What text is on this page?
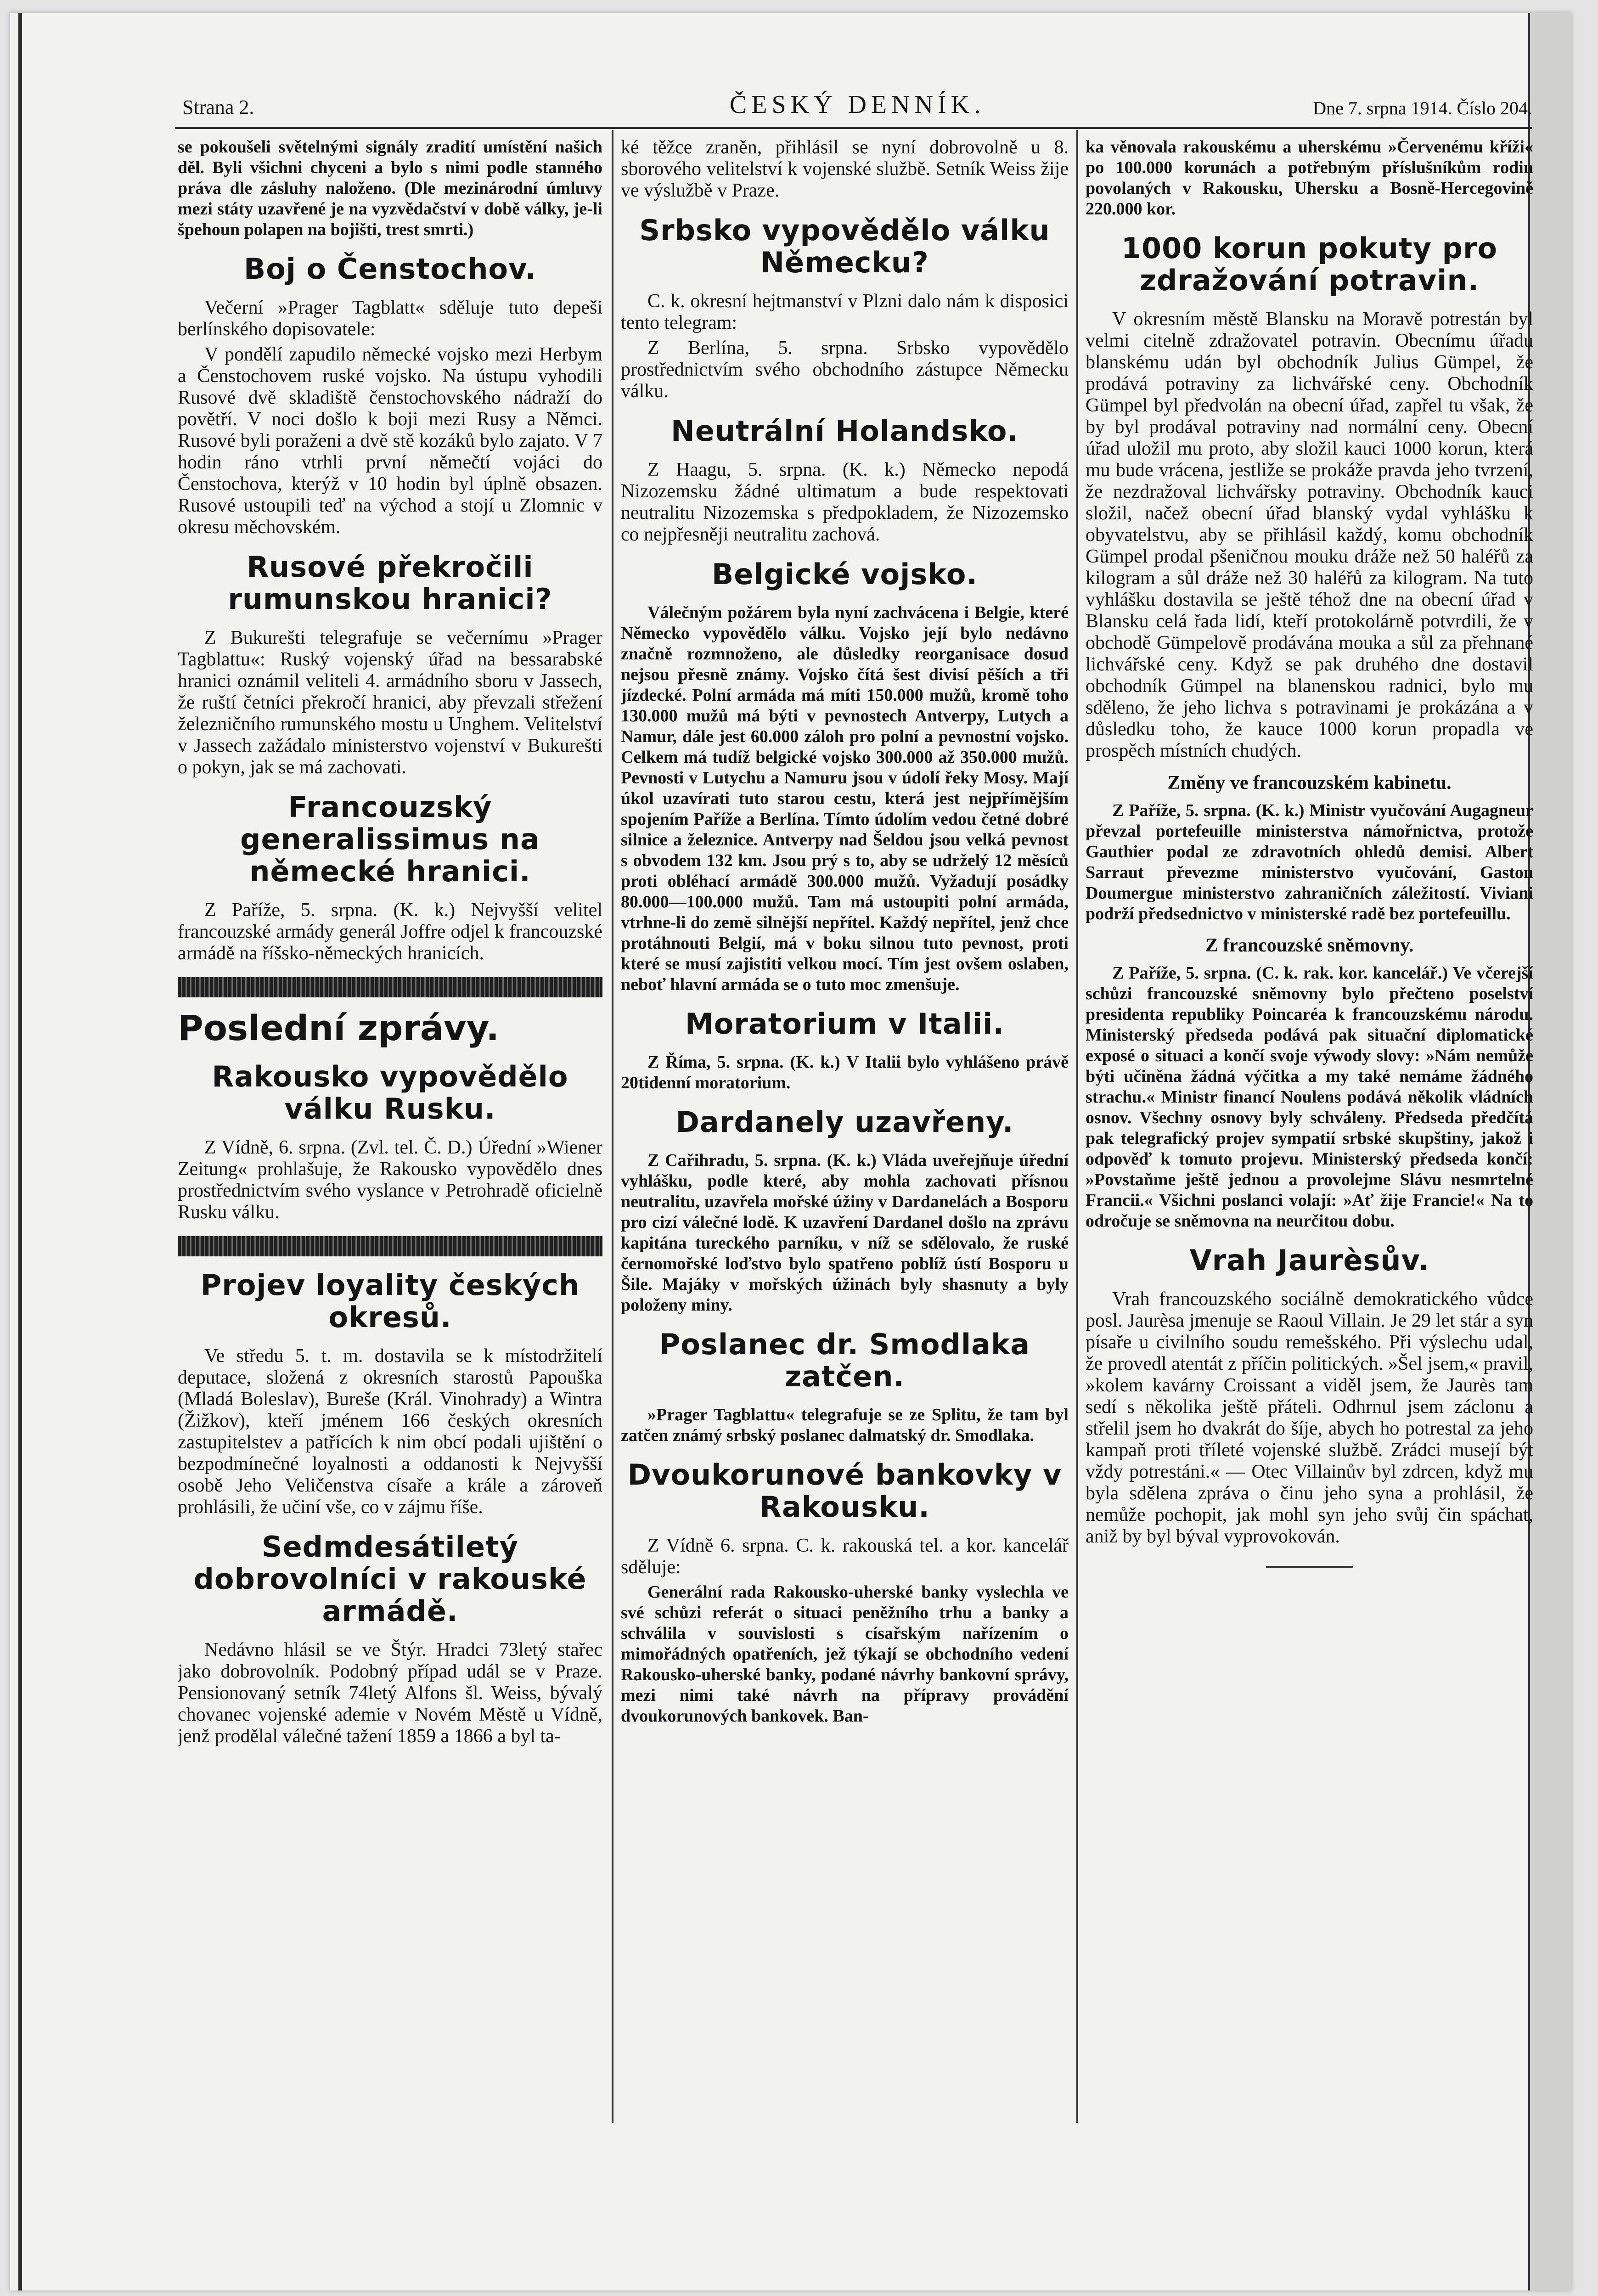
Strana 2.	ČESKÝ DENNÍK.	Dne 7. srpna 1914. Číslo 204.

se pokoušeli světelnými signály zradití umístění našich děl. Byli všichni chyceni a bylo s nimi podle stanného práva dle zásluhy naloženo. (Dle mezinárodní úmluvy mezi státy uzavřené je na vyzvědačství v době války, je-li špehoun polapen na bojišti, trest smrti.)

Boj o Čenstochov.

Večerní »Prager Tagblatt« sděluje tuto depeši berlínského dopisovatele:

V pondělí zapudilo německé vojsko mezi Herbym a Čenstochovem ruské vojsko. Na ústupu vyhodili Rusové dvě skladiště čenstochovského nádraží do povětří. V noci došlo k boji mezi Rusy a Němci. Rusové byli poraženi a dvě stě kozáků bylo zajato. V 7 hodin ráno vtrhli první němečtí vojáci do Čenstochova, kterýž v 10 hodin byl úplně obsazen. Rusové ustoupili teď na východ a stojí u Zlomnic v okresu měchovském.

Rusové překročili rumunskou hranici?

Z Bukurešti telegrafuje se večernímu »Prager Tagblattu«: Ruský vojenský úřad na bessarabské hranici oznámil veliteli 4. armádního sboru v Jassech, že ruští četníci překročí hranici, aby převzali střežení železničního rumunského mostu u Unghem. Velitelství v Jassech zažádalo ministerstvo vojenství v Bukurešti o pokyn, jak se má zachovati.

Francouzský generalissimus na německé hranici.

Z Paříže, 5. srpna. (K. k.) Nejvyšší velitel francouzské armády generál Joffre odjel k francouzské armádě na říšsko-německých hranicích.

Poslední zprávy.
Rakousko vypovědělo válku Rusku.

Z Vídně, 6. srpna. (Zvl. tel. Č. D.) Úřední »Wiener Zeitung« prohlašuje, že Rakousko vypovědělo dnes prostřednictvím svého vyslance v Petrohradě oficielně Rusku válku.

Projev loyality českých okresů.

Ve středu 5. t. m. dostavila se k místodržitelí deputace, složená z okresních starostů Papouška (Mladá Boleslav), Bureše (Král. Vinohrady) a Wintra (Žižkov), kteří jménem 166 českých okresních zastupitelstev a patřících k nim obcí podali ujištění o bezpodmínečné loyalnosti a oddanosti k Nejvyšší osobě Jeho Veličenstva císaře a krále a zároveň prohlásili, že učiní vše, co v zájmu říše.

Sedmdesátiletý dobrovolníci v rakouské armádě.

Nedávno hlásil se ve Štýr. Hradci 73letý stařec jako dobrovolník. Podobný případ udál se v Praze. Pensionovaný setník 74letý Alfons šl. Weiss, bývalý chovanec vojenské ademie v Novém Městě u Vídně, jenž prodělal válečné tažení 1859 a 1866 a byl ta-

ké těžce zraněn, přihlásil se nyní dobrovolně u 8. sborového velitelství k vojenské službě. Setník Weiss žije ve výslužbě v Praze.

Srbsko vypovědělo válku Německu?

C. k. okresní hejtmanství v Plzni dalo nám k disposici tento telegram:

Z Berlína, 5. srpna. Srbsko vypovědělo prostřednictvím svého obchodního zástupce Německu válku.

Neutrální Holandsko.

Z Haagu, 5. srpna. (K. k.) Německo nepodá Nizozemsku žádné ultimatum a bude respektovati neutralitu Nizozemska s předpokladem, že Nizozemsko co nejpřesněji neutralitu zachová.

Belgické vojsko.

Válečným požárem byla nyní zachvácena i Belgie, které Německo vypovědělo válku. Vojsko její bylo nedávno značně rozmnoženo, ale důsledky reorganisace dosud nejsou přesně známy. Vojsko čítá šest divisí pěších a tři jízdecké. Polní armáda má míti 150.000 mužů, kromě toho 130.000 mužů má býti v pevnostech Antverpy, Lutych a Namur, dále jest 60.000 záloh pro polní a pevnostní vojsko. Celkem má tudíž belgické vojsko 300.000 až 350.000 mužů. Pevnosti v Lutychu a Namuru jsou v údolí řeky Mosy. Mají úkol uzavírati tuto starou cestu, která jest nejpřímějším spojením Paříže a Berlína. Tímto údolím vedou četné dobré silnice a železnice. Antverpy nad Šeldou jsou velká pevnost s obvodem 132 km. Jsou prý s to, aby se udrželý 12 měsíců proti obléhací armádě 300.000 mužů. Vyžadují posádky 80.000—100.000 mužů. Tam má ustoupiti polní armáda, vtrhne-li do země silnější nepřítel. Každý nepřítel, jenž chce protáhnouti Belgií, má v boku silnou tuto pevnost, proti které se musí zajistiti velkou mocí. Tím jest ovšem oslaben, neboť hlavní armáda se o tuto moc zmenšuje.

Moratorium v Italii.

Z Říma, 5. srpna. (K. k.) V Italii bylo vyhlášeno právě 20tidenní moratorium.

Dardanely uzavřeny.

Z Cařihradu, 5. srpna. (K. k.) Vláda uveřejňuje úřední vyhlášku, podle které, aby mohla zachovati přísnou neutralitu, uzavřela mořské úžiny v Dardanelách a Bosporu pro cizí válečné lodě. K uzavření Dardanel došlo na zprávu kapitána tureckého parníku, v níž se sdělovalo, že ruské černomořské loďstvo bylo spatřeno poblíž ústí Bosporu u Šile. Majáky v mořských úžinách byly shasnuty a byly položeny miny.

Poslanec dr. Smodlaka zatčen.

»Prager Tagblattu« telegrafuje se ze Splitu, že tam byl zatčen známý srbský poslanec dalmatský dr. Smodlaka.

Dvoukorunové bankovky v Rakousku.

Z Vídně 6. srpna. C. k. rakouská tel. a kor. kancelář sděluje:

Generální rada Rakousko-uherské banky vyslechla ve své schůzi referát o situaci peněžního trhu a banky a schválila v souvislosti s císařským nařízením o mimořádných opatřeních, jež týkají se obchodního vedení Rakousko-uherské banky, podané návrhy bankovní správy, mezi nimi také návrh na přípravy provádění dvoukorunových bankovek. Ban-

ka věnovala rakouskému a uherskému »Červenému kříži« po 100.000 korunách a potřebným příslušníkům rodin povolaných v Rakousku, Uhersku a Bosně-Hercegovině 220.000 kor.

1000 korun pokuty pro zdražování potravin.

V okresním městě Blansku na Moravě potrestán byl velmi citelně zdražovatel potravin. Obecnímu úřadu blanskému udán byl obchodník Julius Gümpel, že prodává potraviny za lichvářské ceny. Obchodník Gümpel byl předvolán na obecní úřad, zapřel tu však, že by byl prodával potraviny nad normální ceny. Obecní úřad uložil mu proto, aby složil kauci 1000 korun, která mu bude vrácena, jestliže se prokáže pravda jeho tvrzení, že nezdražoval lichvářsky potraviny. Obchodník kauci složil, načež obecní úřad blanský vydal vyhlášku k obyvatelstvu, aby se přihlásil každý, komu obchodník Gümpel prodal pšeničnou mouku dráže než 50 haléřů za kilogram a sůl dráže než 30 haléřů za kilogram. Na tuto vyhlášku dostavila se ještě téhož dne na obecní úřad v Blansku celá řada lidí, kteří protokolárně potvrdili, že v obchodě Gümpelově prodávána mouka a sůl za přehnané lichvářské ceny. Když se pak druhého dne dostavil obchodník Gümpel na blanenskou radnici, bylo mu sděleno, že jeho lichva s potravinami je prokázána a v důsledku toho, že kauce 1000 korun propadla ve prospěch místních chudých.

Změny ve francouzském kabinetu.

Z Paříže, 5. srpna. (K. k.) Ministr vyučování Augagneur převzal portefeuille ministerstva námořnictva, protože Gauthier podal ze zdravotních ohledů demisi. Albert Sarraut převezme ministerstvo vyučování, Gaston Doumergue ministerstvo zahraničních záležitostí. Viviani podrží předsednictvo v ministerské radě bez portefeuillu.

Z francouzské sněmovny.

Z Paříže, 5. srpna. (C. k. rak. kor. kancelář.) Ve včerejší schůzi francouzské sněmovny bylo přečteno poselství presidenta republiky Poincaréa k francouzskému národu. Ministerský předseda podává pak situační diplomatické exposé o situaci a končí svoje výwody slovy: »Nám nemůže býti učiněna žádná výčitka a my také nemáme žádného strachu.« Ministr financí Noulens podává několik vládních osnov. Všechny osnovy byly schváleny. Předseda předčítá pak telegrafický projev sympatií srbské skupštiny, jakož i odpověď k tomuto projevu. Ministerský předseda končí: »Povstaňme ještě jednou a provolejme Slávu nesmrtelné Francii.« Všichni poslanci volají: »Ať žije Francie!« Na to odročuje se sněmovna na neurčitou dobu.

Vrah Jaurèsův.

Vrah francouzského sociálně demokratického vůdce posl. Jaurèsa jmenuje se Raoul Villain. Je 29 let stár a syn písaře u civilního soudu remešského. Při výslechu udal, že provedl atentát z příčin politických. »Šel jsem,« pravil, »kolem kavárny Croissant a viděl jsem, že Jaurès tam sedí s několika ještě přáteli. Odhrnul jsem záclonu a střelil jsem ho dvakrát do šíje, abych ho potrestal za jeho kampaň proti tříleté vojenské službě. Zrádci musejí být vždy potrestáni.« — Otec Villainův byl zdrcen, když mu byla sdělena zpráva o činu jeho syna a prohlásil, že nemůže pochopit, jak mohl syn jeho svůj čin spáchat, aniž by byl býval vyprovokován.
